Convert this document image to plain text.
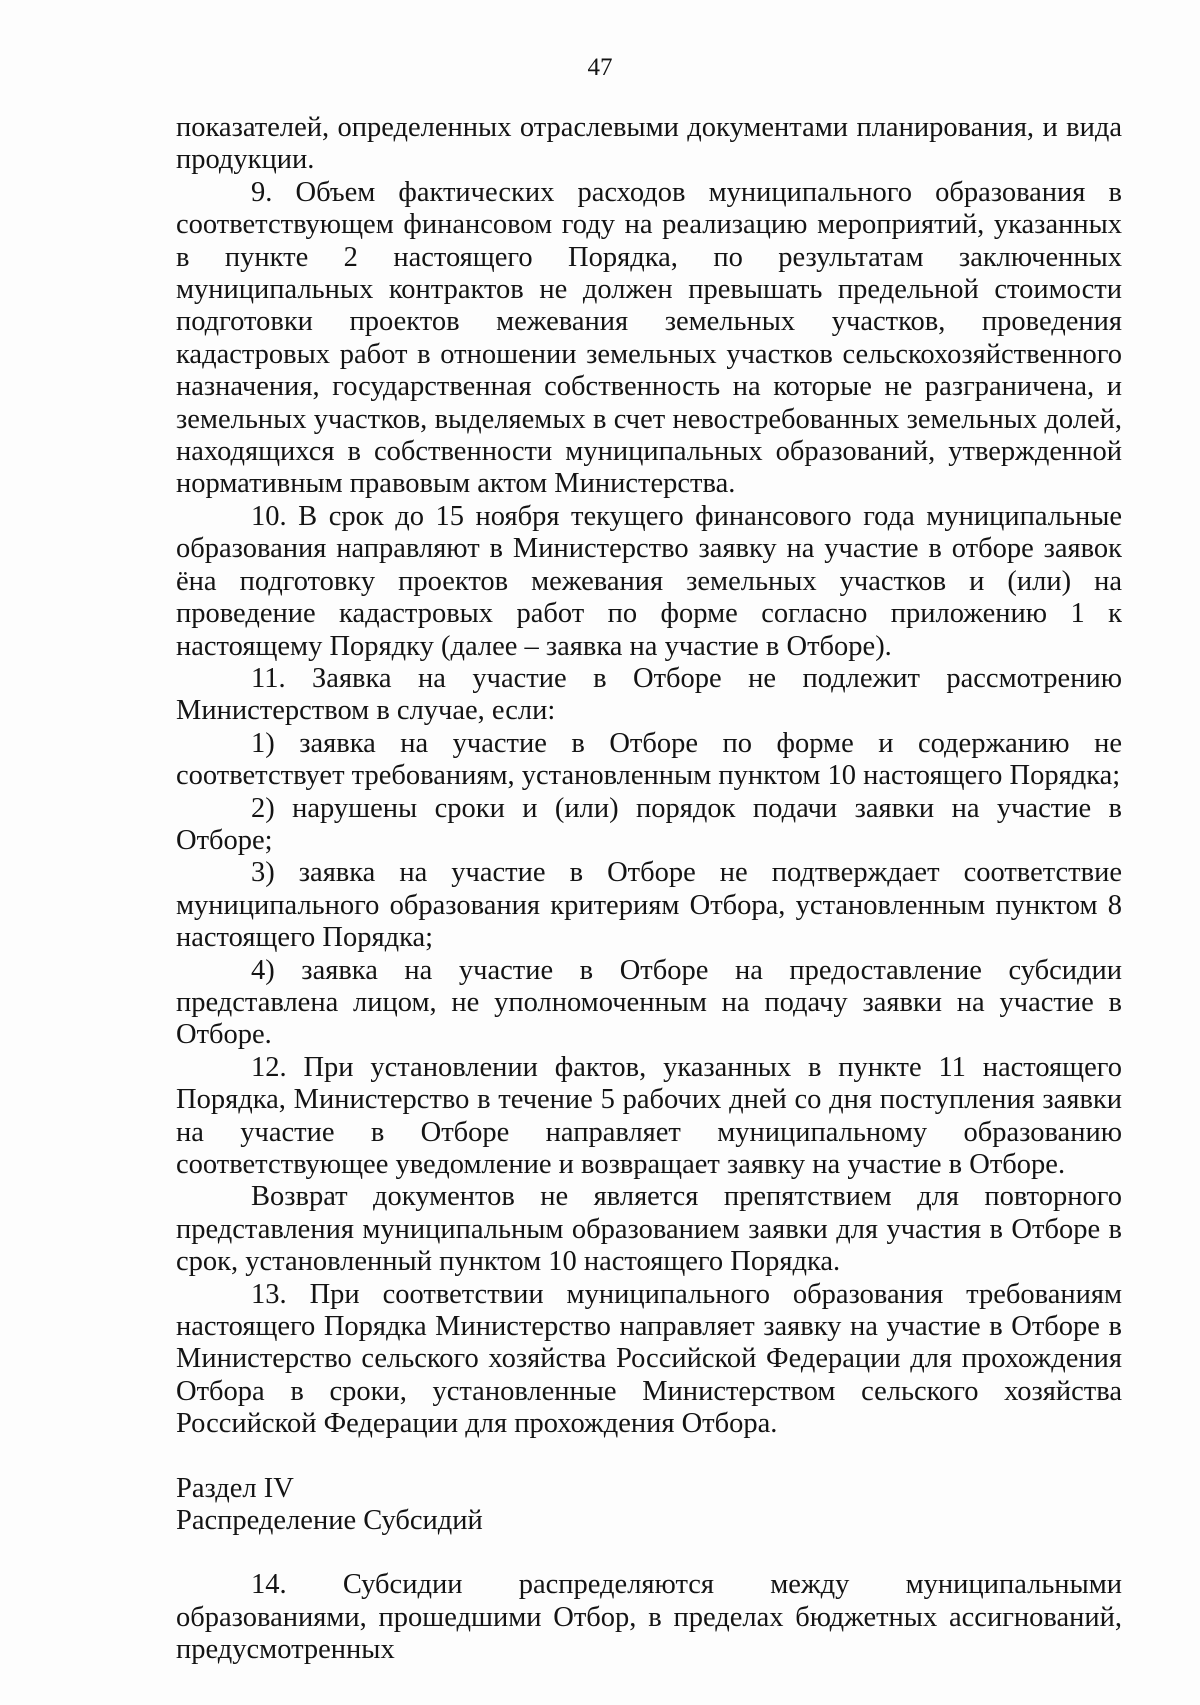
47

показателей, определенных отраслевыми документами планирования, и вида продукции.

9. Объем фактических расходов муниципального образования в соответствующем финансовом году на реализацию мероприятий, указанных в пункте 2 настоящего Порядка, по результатам заключенных муниципальных контрактов не должен превышать предельной стоимости подготовки проектов межевания земельных участков, проведения кадастровых работ в отношении земельных участков сельскохозяйственного назначения, государственная собственность на которые не разграничена, и земельных участков, выделяемых в счет невостребованных земельных долей, находящихся в собственности муниципальных образований, утвержденной нормативным правовым актом Министерства.

10. В срок до 15 ноября текущего финансового года муниципальные образования направляют в Министерство заявку на участие в отборе заявок ёна подготовку проектов межевания земельных участков и (или) на проведение кадастровых работ по форме согласно приложению 1 к настоящему Порядку (далее – заявка на участие в Отборе).

11. Заявка на участие в Отборе не подлежит рассмотрению Министерством в случае, если:

1) заявка на участие в Отборе по форме и содержанию не соответствует требованиям, установленным пунктом 10 настоящего Порядка;

2) нарушены сроки и (или) порядок подачи заявки на участие в Отборе;

3) заявка на участие в Отборе не подтверждает соответствие муниципального образования критериям Отбора, установленным пунктом 8 настоящего Порядка;

4) заявка на участие в Отборе на предоставление субсидии представлена лицом, не уполномоченным на подачу заявки на участие в Отборе.

12. При установлении фактов, указанных в пункте 11 настоящего Порядка, Министерство в течение 5 рабочих дней со дня поступления заявки на участие в Отборе направляет муниципальному образованию соответствующее уведомление и возвращает заявку на участие в Отборе.

Возврат документов не является препятствием для повторного представления муниципальным образованием заявки для участия в Отборе в срок, установленный пунктом 10 настоящего Порядка.

13. При соответствии муниципального образования требованиям настоящего Порядка Министерство направляет заявку на участие в Отборе в Министерство сельского хозяйства Российской Федерации для прохождения Отбора в сроки, установленные Министерством сельского хозяйства Российской Федерации для прохождения Отбора.

Раздел IV
Распределение Субсидий

14. Субсидии распределяются между муниципальными образованиями, прошедшими Отбор, в пределах бюджетных ассигнований, предусмотренных
